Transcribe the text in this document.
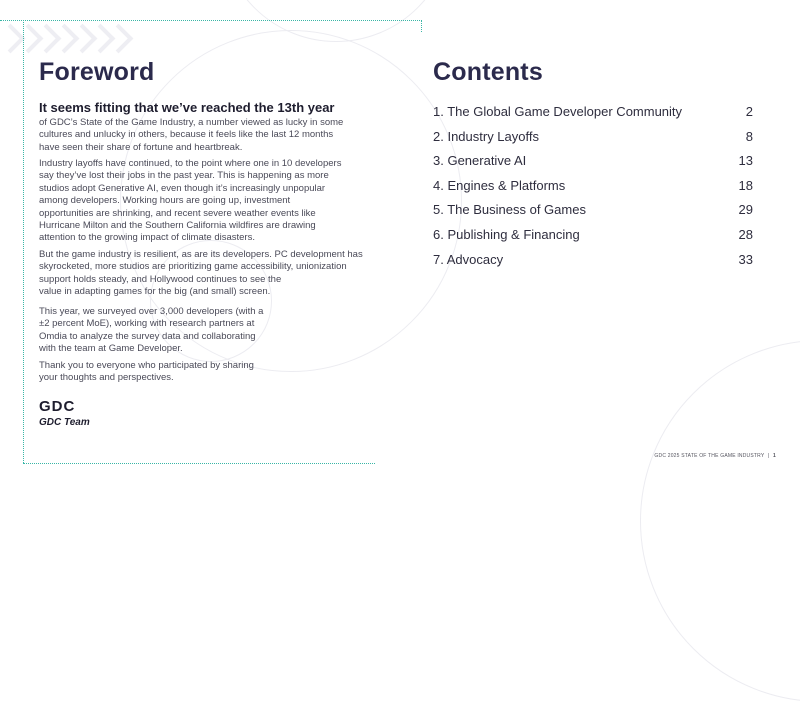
Foreword

It seems fitting that we’ve reached the 13th year

of GDC’s State of the Game Industry, a number viewed as lucky in some
cultures and unlucky in others, because it feels like the last 12 months
have seen their share of fortune and heartbreak.

Industry layoffs have continued, to the point where one in 10 developers
say they’ve lost their jobs in the past year. This is happening as more
studios adopt Generative AI, even though it’s increasingly unpopular
among developers. Working hours are going up, investment
opportunities are shrinking, and recent severe weather events like
Hurricane Milton and the Southern California wildfires are drawing
attention to the growing impact of climate disasters.

But the game industry is resilient, as are its developers. PC development has
skyrocketed, more studios are prioritizing game accessibility, unionization
support holds steady, and Hollywood continues to see the
value in adapting games for the big (and small) screen.

This year, we surveyed over 3,000 developers (with a
±2 percent MoE), working with research partners at
Omdia to analyze the survey data and collaborating
with the team at Game Developer.

Thank you to everyone who participated by sharing
your thoughts and perspectives.

GDC
GDC Team
Contents
1. The Global Game Developer Community	2
2. Industry Layoffs	8
3. Generative AI	13
4. Engines & Platforms	18
5. The Business of Games	29
6. Publishing & Financing	28
7. Advocacy	33
GDC 2025 STATE OF THE GAME INDUSTRY | 1
